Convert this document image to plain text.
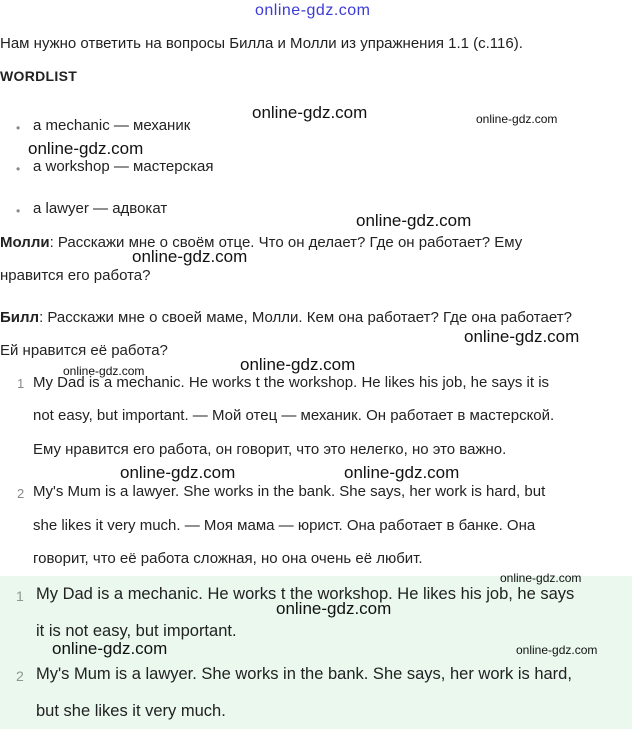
online-gdz.com
Нам нужно ответить на вопросы Билла и Молли из упражнения 1.1 (с.116).
WORDLIST
• a mechanic — механик
• a workshop — мастерская
• a lawyer — адвокат
Молли: Расскажи мне о своём отце. Что он делает? Где он работает? Ему
нравится его работа?
Билл: Расскажи мне о своей маме, Молли. Кем она работает? Где она работает?
Ей нравится её работа?
1 My Dad is a mechanic. He works t the workshop. He likes his job, he says it is
not easy, but important. — Мой отец — механик. Он работает в мастерской.
Ему нравится его работа, он говорит, что это нелегко, но это важно.
2 My's Mum is a lawyer. She works in the bank. She says, her work is hard, but
she likes it very much. — Моя мама — юрист. Она работает в банке. Она
говорит, что её работа сложная, но она очень её любит.
1 My Dad is a mechanic. He works t the workshop. He likes his job, he says
it is not easy, but important.
2 My's Mum is a lawyer. She works in the bank. She says, her work is hard,
but she likes it very much.
online-gdz.com	online-gdz.com
online-gdz.com
online-gdz.com
online-gdz.com
online-gdz.com
online-gdz.com
online-gdz.com
online-gdz.com	online-gdz.com
online-gdz.com
online-gdz.com
online-gdz.com	online-gdz.com
